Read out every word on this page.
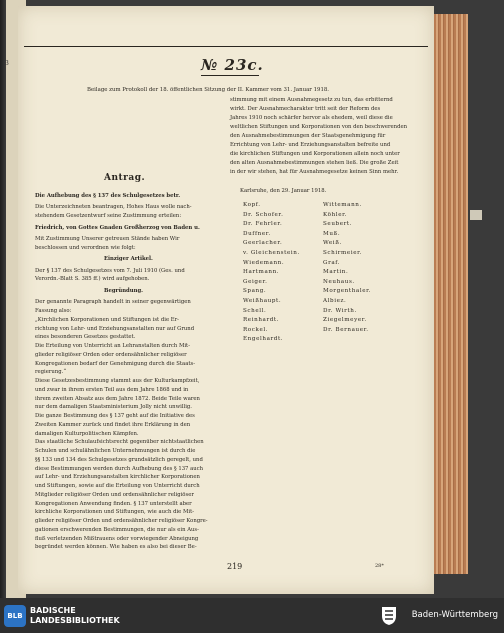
3	№ 23c.
Beilage zum Protokoll der 18. öffentlichen Sitzung der II. Kammer vom 31. Januar 1918.
Antrag.
Die Aufhebung des § 137 des Schulgesetzes betr.
Die Unterzeichneten beantragen, Hohes Haus wolle nach-
stehendem Gesetzentwurf seine Zustimmung erteilen:
Friedrich, von Gottes Gnaden Großherzog von Baden u.
Mit Zustimmung Unserer getreuen Stände haben Wir
beschlossen und verordnen wie folgt:
Einziger Artikel.
Der § 137 des Schulgesetzes vom 7. Juli 1910 (Ges. und
Verordn.-Blatt S. 385 ff.) wird aufgehoben.
Begründung.
Der genannte Paragraph handelt in seiner gegenwärtigen
Fassung also:
„Kirchlichen Korporationen und Stiftungen ist die Er-
richtung von Lehr- und Erziehungsanstalten nur auf Grund
eines besonderen Gesetzes gestattet.
Die Erteilung von Unterricht an Lehranstalten durch Mit-
glieder religiöser Orden oder ordensähnlicher religiöser
Kongregationen bedarf der Genehmigung durch die Staats-
regierung.“
Diese Gesetzesbestimmung stammt aus der Kulturkampfzeit,
und zwar in ihrem ersten Teil aus dem Jahre 1868 und in
ihrem zweiten Absatz aus dem Jahre 1872. Beide Teile waren
nur dem damaligen Staatsministerium Jolly nicht unwillig.
Die ganze Bestimmung des § 137 geht auf die Initiative des
Zweiten Kammer zurück und findet ihre Erklärung in den
damaligen Kulturpolitischen Kämpfen.
Das staatliche Schulaufsichtsrecht gegenüber nichtstaatlichen
Schulen und schulähnlichen Unternehmungen ist durch die
§§ 133 und 134 des Schulgesetzes grundsätzlich geregelt, und
diese Bestimmungen werden durch Aufhebung des § 137 auch
auf Lehr- und Erziehungsanstalten kirchlicher Korporationen
und Stiftungen, sowie auf die Erteilung von Unterricht durch
Mitglieder religiöser Orden und ordensähnlicher religiöser
Kongregationen Anwendung finden. § 137 unterstellt aber
kirchliche Korporationen und Stiftungen, wie auch die Mit-
glieder religiöser Orden und ordensähnlicher religiöser Kongre-
gationen erschwerenden Bestimmungen, die nur als ein Aus-
fluß verletzenden Mißtrauens oder vorwiegender Abneigung
begründet werden können. Wie haben es also bei dieser Be-
stimmung mit einem Ausnahmegesetz zu tun, das erbitternd
wirkt. Der Ausnahmecharakter tritt seit der Reform des
Jahres 1910 noch schärfer hervor als ehedem, weil diese die
weltlichen Stiftungen und Korporationen von den beschwerenden
den Ausnahmebestimmungen der Staatsgenehmigung für
Errichtung von Lehr- und Erziehungsanstalten befreite und
die kirchlichen Stiftungen und Korporationen allein noch unter
den alten Ausnahmebestimmungen stehen ließ. Die große Zeit
in der wir stehen, hat für Ausnahmegesetze keinen Sinn mehr.
Karlsruhe, den 29. Januar 1918.
Kopf.
Dr. Schofer.
Dr. Fehrler.
Duffner.
Geerlacher.
v. Gleichenstein.
Wiedemann.
Hartmann.
Geiger.
Spang.
Weißhaupt.
Schell.
Reinhardt.
Rockel.
Engelhardt.
Wittemann.
Köhler.
Seubert.
Muß.
Weiß.
Schirmeier.
Graf.
Martin.
Neuhaus.
Morgenthaler.
Albiez.
Dr. Wirth.
Ziegelmeyer.
Dr. Bernauer.
219	28*
BLB
BADISCHE
LANDESBIBLIOTHEK
Baden-Württemberg
